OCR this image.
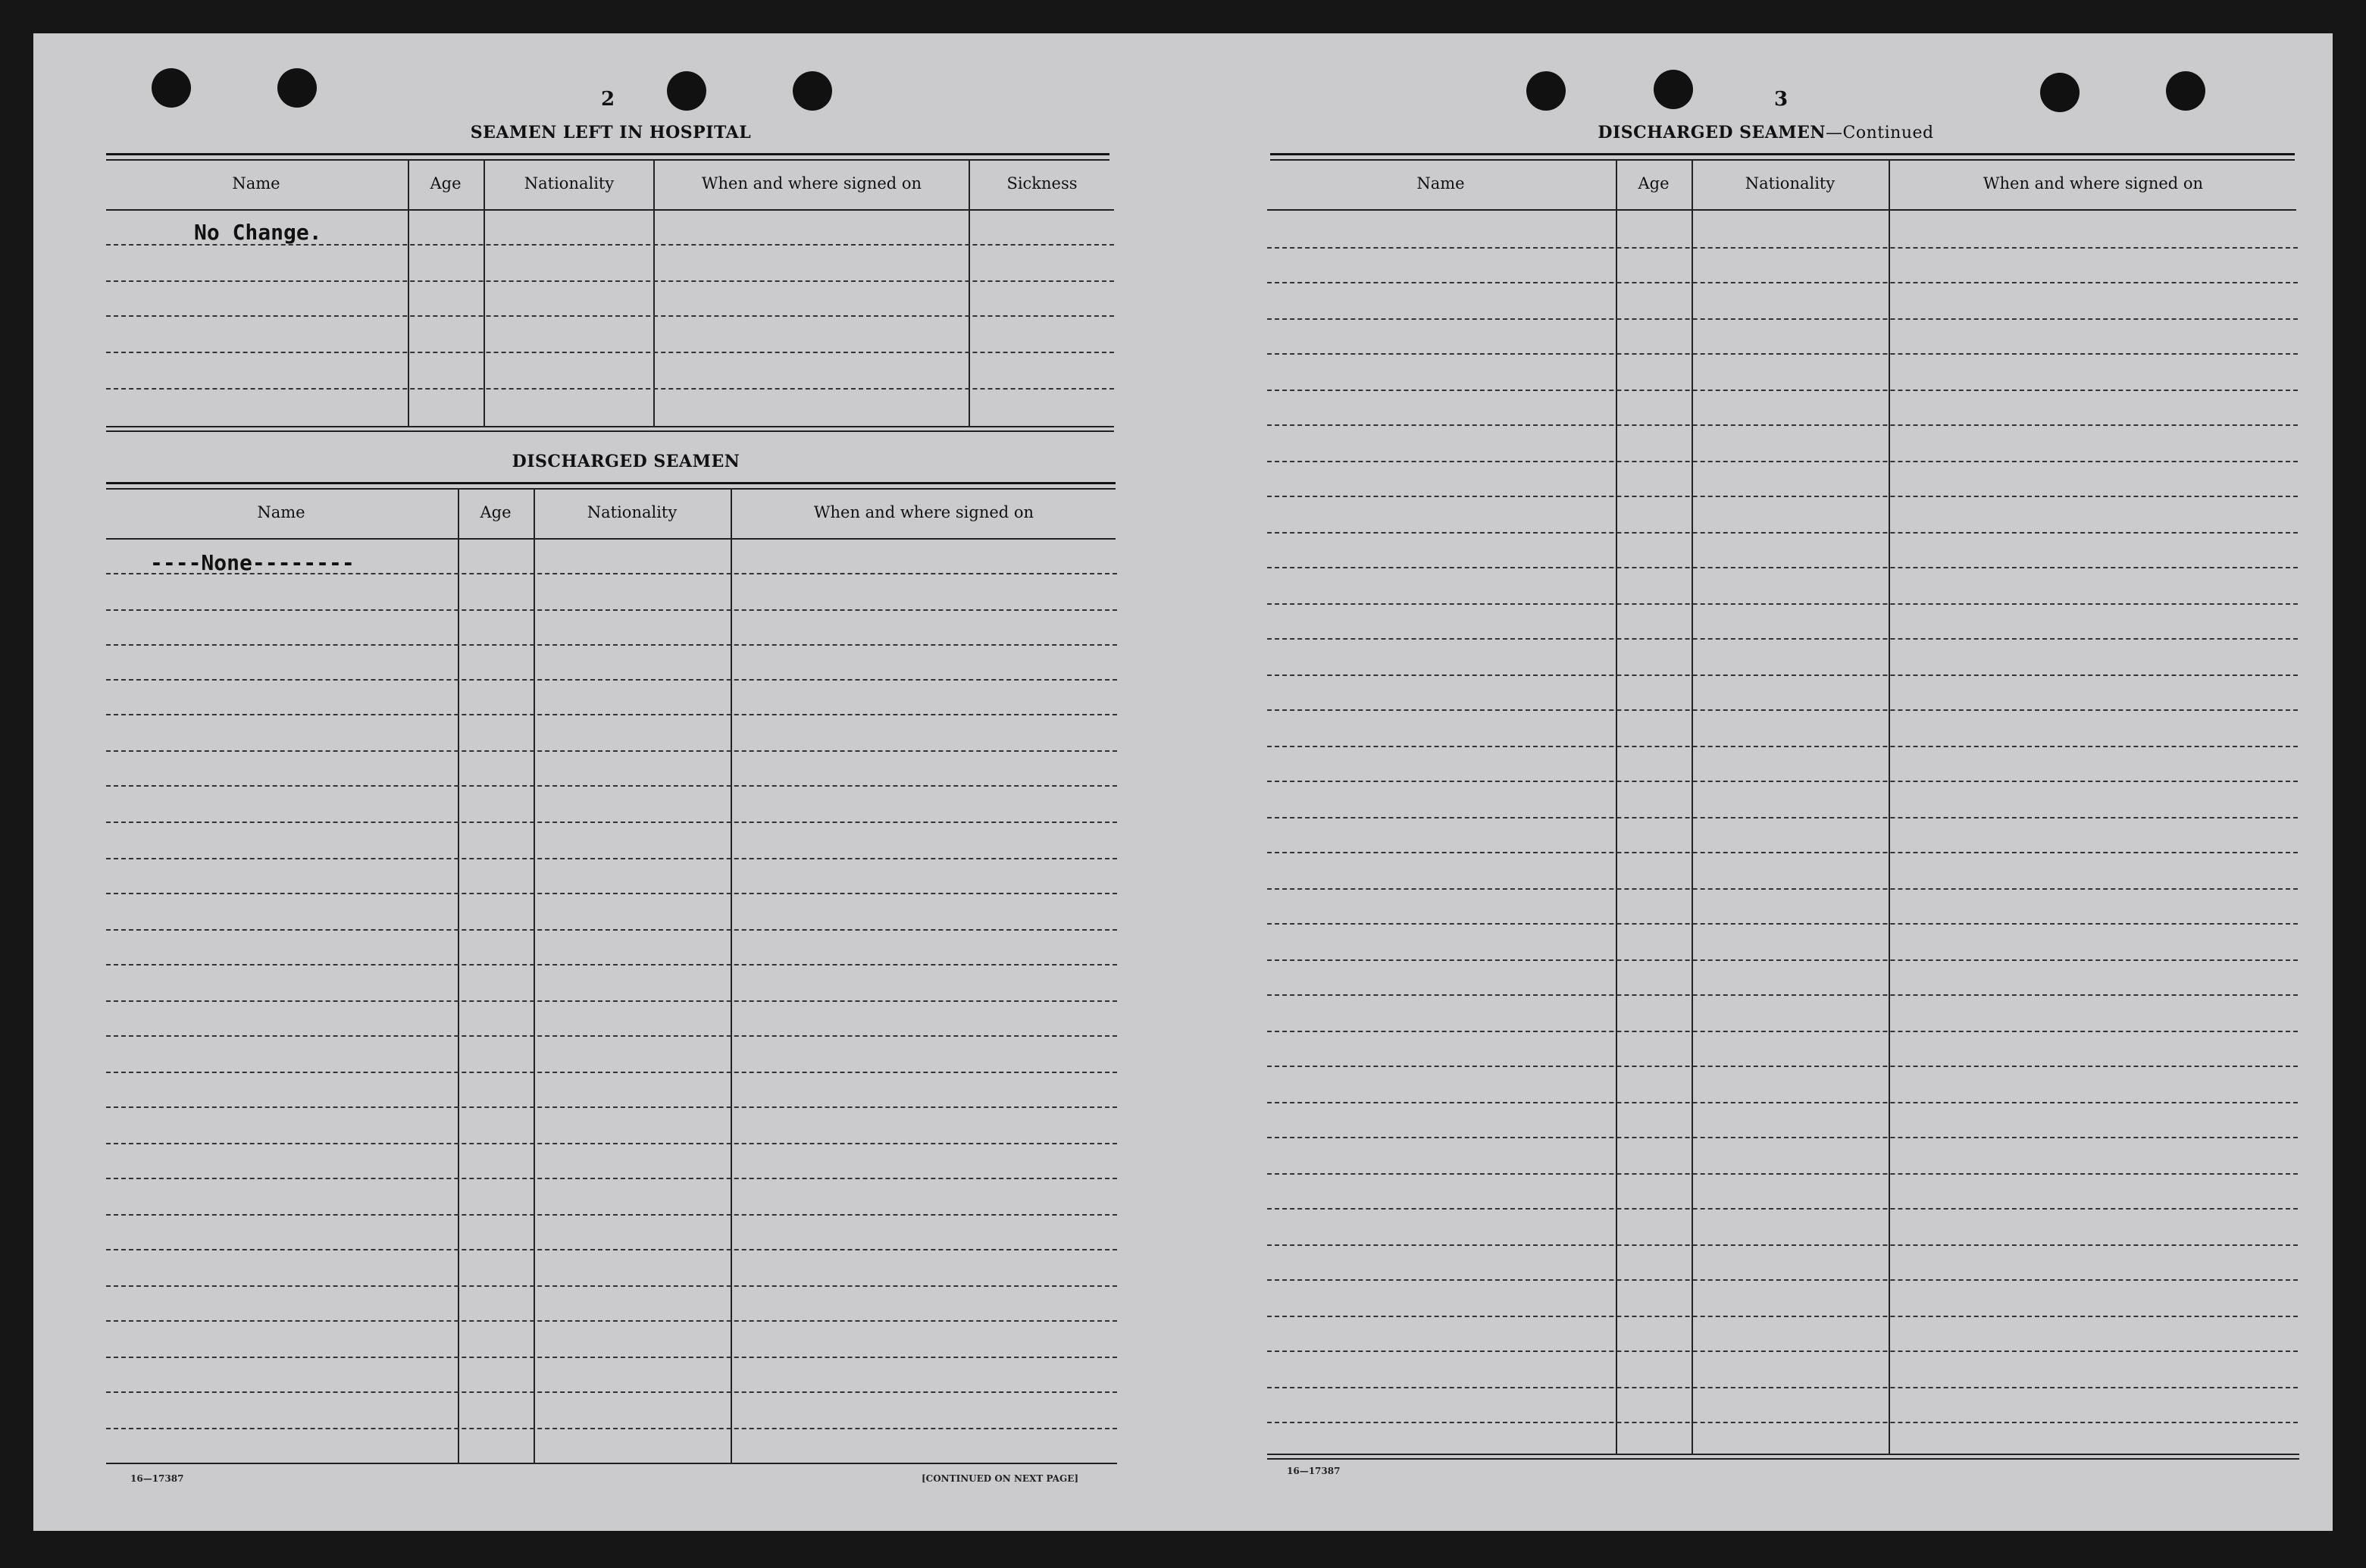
2
SEAMEN LEFT IN HOSPITAL
Name	Age	Nationality	When and where signed on	Sickness
No Change.
DISCHARGED SEAMEN
Name	Age	Nationality	When and where signed on
----None--------
16—17387	[CONTINUED ON NEXT PAGE]
3
DISCHARGED SEAMEN—Continued
Name	Age	Nationality	When and where signed on
16—17387
